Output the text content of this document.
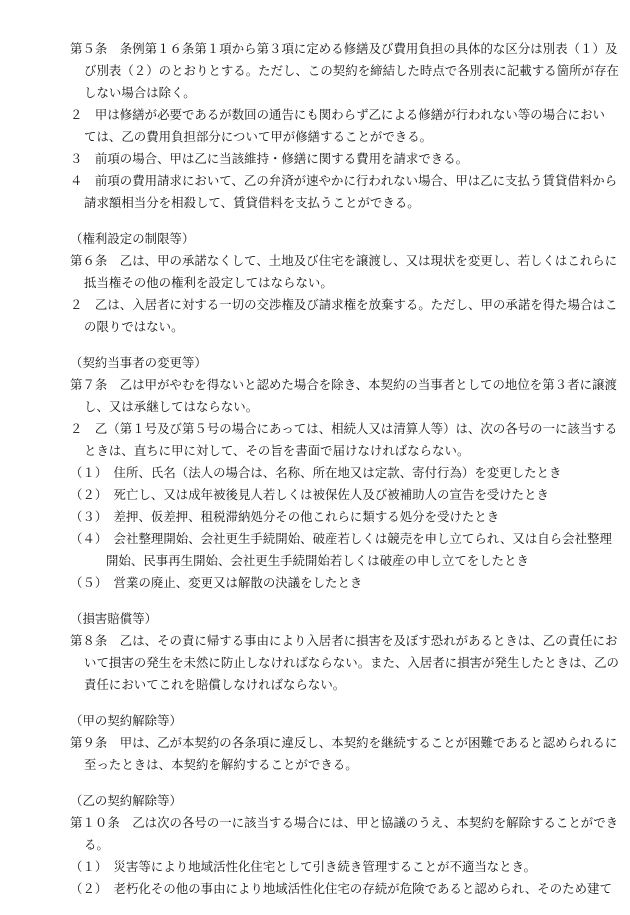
第５条　条例第１６条第１項から第３項に定める修繕及び費用負担の具体的な区分は別表（１）及
び別表（２）のとおりとする。ただし、この契約を締結した時点で各別表に記載する箇所が存在
しない場合は除く。
２　甲は修繕が必要であるが数回の通告にも関わらず乙による修繕が行われない等の場合におい
ては、乙の費用負担部分について甲が修繕することができる。
３　前項の場合、甲は乙に当該維持・修繕に関する費用を請求できる。
４　前項の費用請求において、乙の弁済が速やかに行われない場合、甲は乙に支払う賃貸借料から
請求額相当分を相殺して、賃貸借料を支払うことができる。
（権利設定の制限等）
第６条　乙は、甲の承諾なくして、土地及び住宅を譲渡し、又は現状を変更し、若しくはこれらに
抵当権その他の権利を設定してはならない。
２　乙は、入居者に対する一切の交渉権及び請求権を放棄する。ただし、甲の承諾を得た場合はこ
の限りではない。
（契約当事者の変更等）
第７条　乙は甲がやむを得ないと認めた場合を除き、本契約の当事者としての地位を第３者に譲渡
し、又は承継してはならない。
２　乙（第１号及び第５号の場合にあっては、相続人又は清算人等）は、次の各号の一に該当する
ときは、直ちに甲に対して、その旨を書面で届けなければならない。
（１）　住所、氏名（法人の場合は、名称、所在地又は定款、寄付行為）を変更したとき
（２）　死亡し、又は成年被後見人若しくは被保佐人及び被補助人の宣告を受けたとき
（３）　差押、仮差押、租税滞納処分その他これらに類する処分を受けたとき
（４）　会社整理開始、会社更生手続開始、破産若しくは競売を申し立てられ、又は自ら会社整理
開始、民事再生開始、会社更生手続開始若しくは破産の申し立てをしたとき
（５）　営業の廃止、変更又は解散の決議をしたとき
（損害賠償等）
第８条　乙は、その責に帰する事由により入居者に損害を及ぼす恐れがあるときは、乙の責任にお
いて損害の発生を未然に防止しなければならない。また、入居者に損害が発生したときは、乙の
責任においてこれを賠償しなければならない。
（甲の契約解除等）
第９条　甲は、乙が本契約の各条項に違反し、本契約を継続することが困難であると認められるに
至ったときは、本契約を解約することができる。
（乙の契約解除等）
第１０条　乙は次の各号の一に該当する場合には、甲と協議のうえ、本契約を解除することができ
る。
（１）　災害等により地域活性化住宅として引き続き管理することが不適当なとき。
（２）　老朽化その他の事由により地域活性化住宅の存続が危険であると認められ、そのため建て
